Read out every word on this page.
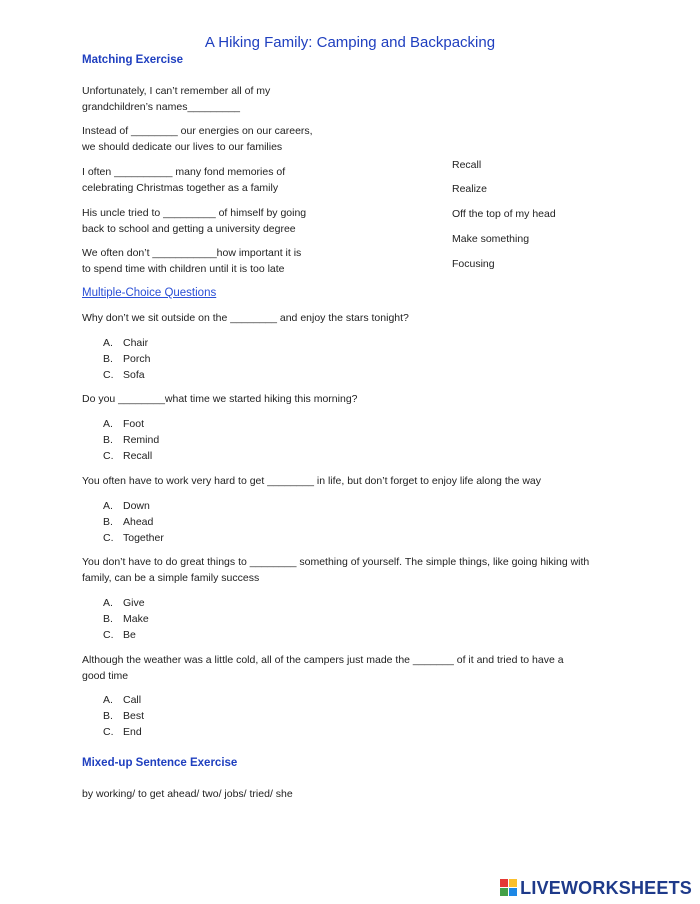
A Hiking Family: Camping and Backpacking
Matching Exercise
Unfortunately, I can’t remember all of my
grandchildren’s names_________
Instead of ________ our energies on our careers,
we should dedicate our lives to our families
I often __________ many fond memories of
celebrating Christmas together as a family
His uncle tried to _________ of himself by going
back to school and getting a university degree
We often don’t ___________how important it is
to spend time with children until it is too late
Recall
Realize
Off the top of my head
Make something
Focusing
Multiple-Choice Questions
Why don’t we sit outside on the ________ and enjoy the stars tonight?
A. Chair
B. Porch
C. Sofa
Do you ________what time we started hiking this morning?
A. Foot
B. Remind
C. Recall
You often have to work very hard to get ________ in life, but don’t forget to enjoy life along the way
A. Down
B. Ahead
C. Together
You don’t have to do great things to ________ something of yourself. The simple things, like going hiking with
family, can be a simple family success
A. Give
B. Make
C. Be
Although the weather was a little cold, all of the campers just made the _______ of it and tried to have a
good time
A. Call
B. Best
C. End
Mixed-up Sentence Exercise
by working/ to get ahead/ two/ jobs/ tried/ she
LIVEWORKSHEETS
